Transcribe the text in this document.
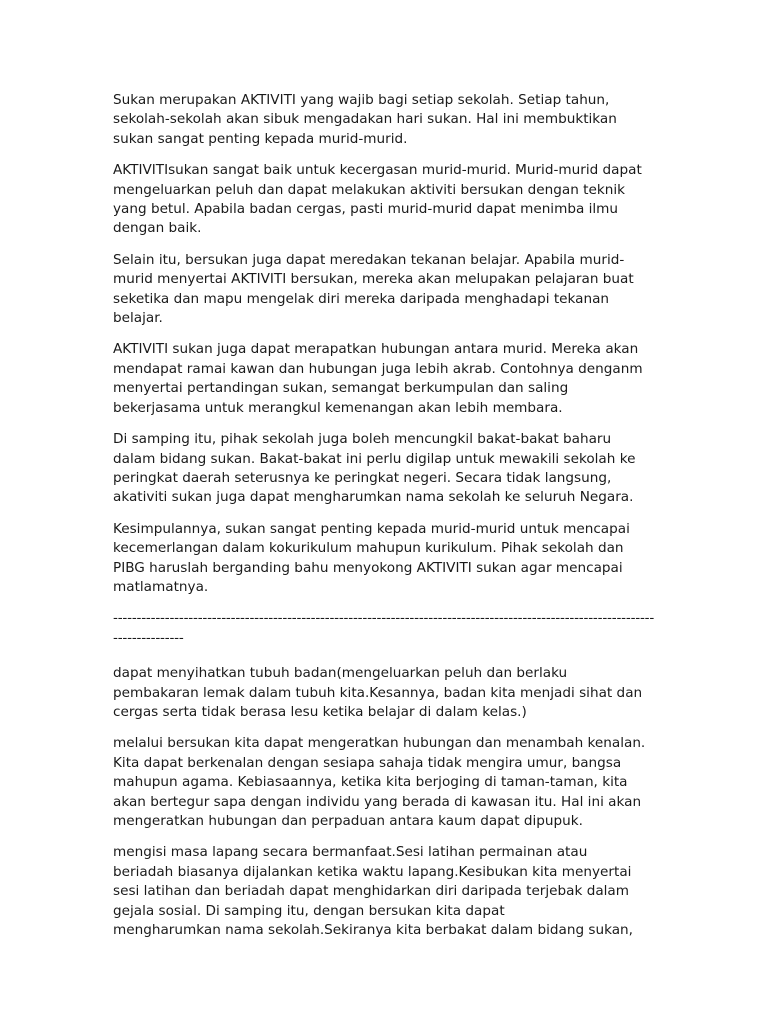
Sukan merupakan AKTIVITI yang wajib bagi setiap sekolah. Setiap tahun,
sekolah-sekolah akan sibuk mengadakan hari sukan. Hal ini membuktikan
sukan sangat penting kepada murid-murid.

AKTIVITIsukan sangat baik untuk kecergasan murid-murid. Murid-murid dapat
mengeluarkan peluh dan dapat melakukan aktiviti bersukan dengan teknik
yang betul. Apabila badan cergas, pasti murid-murid dapat menimba ilmu
dengan baik.

Selain itu, bersukan juga dapat meredakan tekanan belajar. Apabila murid-
murid menyertai AKTIVITI bersukan, mereka akan melupakan pelajaran buat
seketika dan mapu mengelak diri mereka daripada menghadapi tekanan
belajar.

AKTIVITI sukan juga dapat merapatkan hubungan antara murid. Mereka akan
mendapat ramai kawan dan hubungan juga lebih akrab. Contohnya denganm
menyertai pertandingan sukan, semangat berkumpulan dan saling
bekerjasama untuk merangkul kemenangan akan lebih membara.

Di samping itu, pihak sekolah juga boleh mencungkil bakat-bakat baharu
dalam bidang sukan. Bakat-bakat ini perlu digilap untuk mewakili sekolah ke
peringkat daerah seterusnya ke peringkat negeri. Secara tidak langsung,
akativiti sukan juga dapat mengharumkan nama sekolah ke seluruh Negara.

Kesimpulannya, sukan sangat penting kepada murid-murid untuk mencapai
kecemerlangan dalam kokurikulum mahupun kurikulum. Pihak sekolah dan
PIBG haruslah berganding bahu menyokong AKTIVITI sukan agar mencapai
matlamatnya.

----------------------------------------------------------------------------------------------------------------------------------

dapat menyihatkan tubuh badan(mengeluarkan peluh dan berlaku
pembakaran lemak dalam tubuh kita.Kesannya, badan kita menjadi sihat dan
cergas serta tidak berasa lesu ketika belajar di dalam kelas.)

melalui bersukan kita dapat mengeratkan hubungan dan menambah kenalan.
Kita dapat berkenalan dengan sesiapa sahaja tidak mengira umur, bangsa
mahupun agama. Kebiasaannya, ketika kita berjoging di taman-taman, kita
akan bertegur sapa dengan individu yang berada di kawasan itu. Hal ini akan
mengeratkan hubungan dan perpaduan antara kaum dapat dipupuk.

mengisi masa lapang secara bermanfaat.Sesi latihan permainan atau
beriadah biasanya dijalankan ketika waktu lapang.Kesibukan kita menyertai
sesi latihan dan beriadah dapat menghidarkan diri daripada terjebak dalam
gejala sosial. Di samping itu, dengan bersukan kita dapat
mengharumkan nama sekolah.Sekiranya kita berbakat dalam bidang sukan,
